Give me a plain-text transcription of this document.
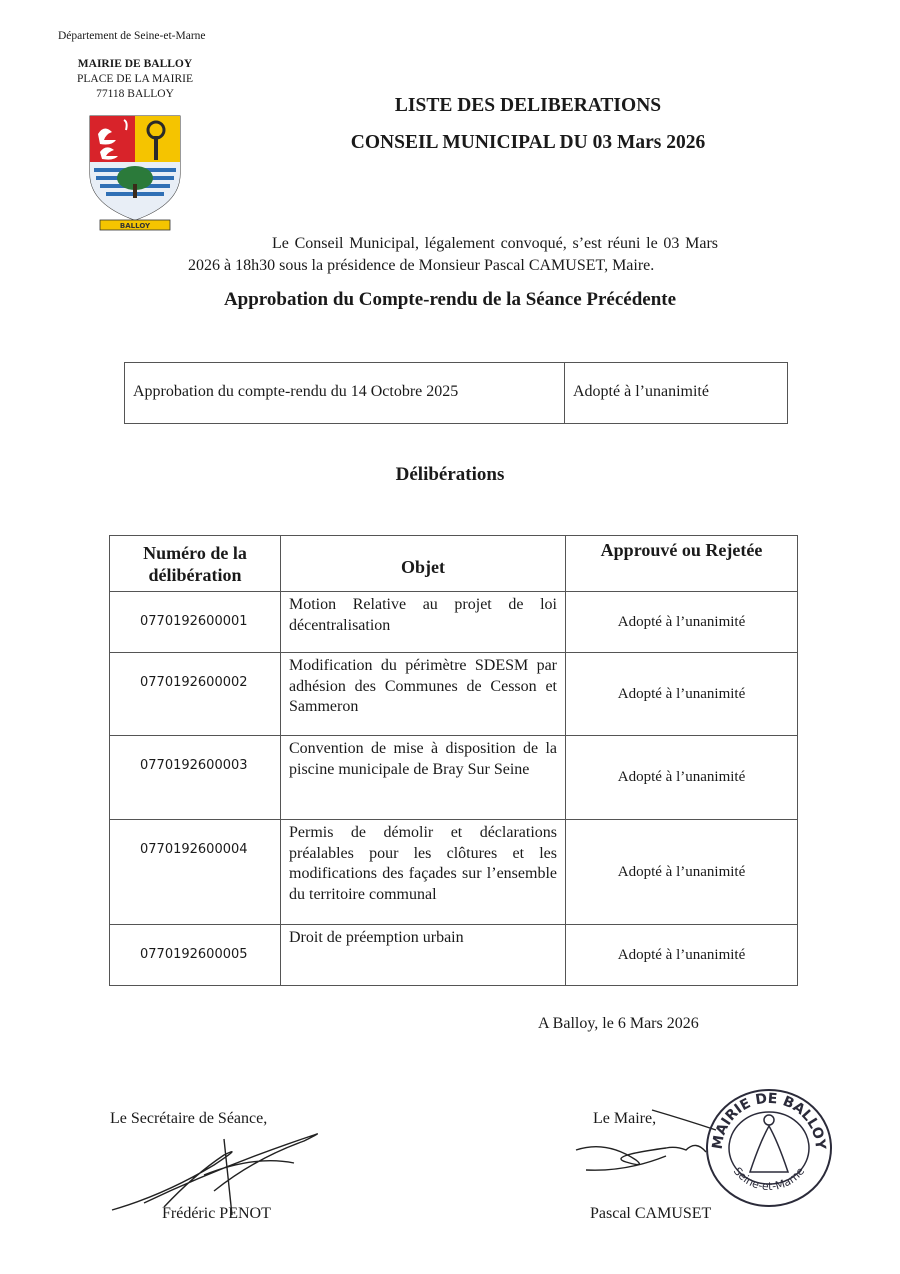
Département de Seine-et-Marne
MAIRIE DE BALLOY
PLACE DE LA MAIRIE
77118 BALLOY
BALLOY
LISTE DES DELIBERATIONS
CONSEIL MUNICIPAL DU 03 Mars 2026
Le Conseil Municipal, légalement convoqué, s’est réuni le 03 Mars 2026 à 18h30 sous la présidence de Monsieur Pascal CAMUSET, Maire.
Approbation du Compte-rendu de la Séance Précédente
Approbation du compte-rendu du 14 Octobre 2025	Adopté à l’unanimité
Délibérations
Numéro de la délibération	Objet	Approuvé ou Rejetée
0770192600001	Motion Relative au projet de loi décentralisation	Adopté à l’unanimité
0770192600002	Modification du périmètre SDESM par adhésion des Communes de Cesson et Sammeron	Adopté à l’unanimité
0770192600003	Convention de mise à disposition de la piscine municipale de Bray Sur Seine	Adopté à l’unanimité
0770192600004	Permis de démolir et déclarations préalables pour les clôtures et les modifications des façades sur l’ensemble du territoire communal	Adopté à l’unanimité
0770192600005	Droit de préemption urbain	Adopté à l’unanimité
A Balloy, le 6 Mars 2026
Le Secrétaire de Séance,
Frédéric PENOT
Le Maire,
Pascal CAMUSET
MAIRIE DE BALLOY
Seine-et-Marne
